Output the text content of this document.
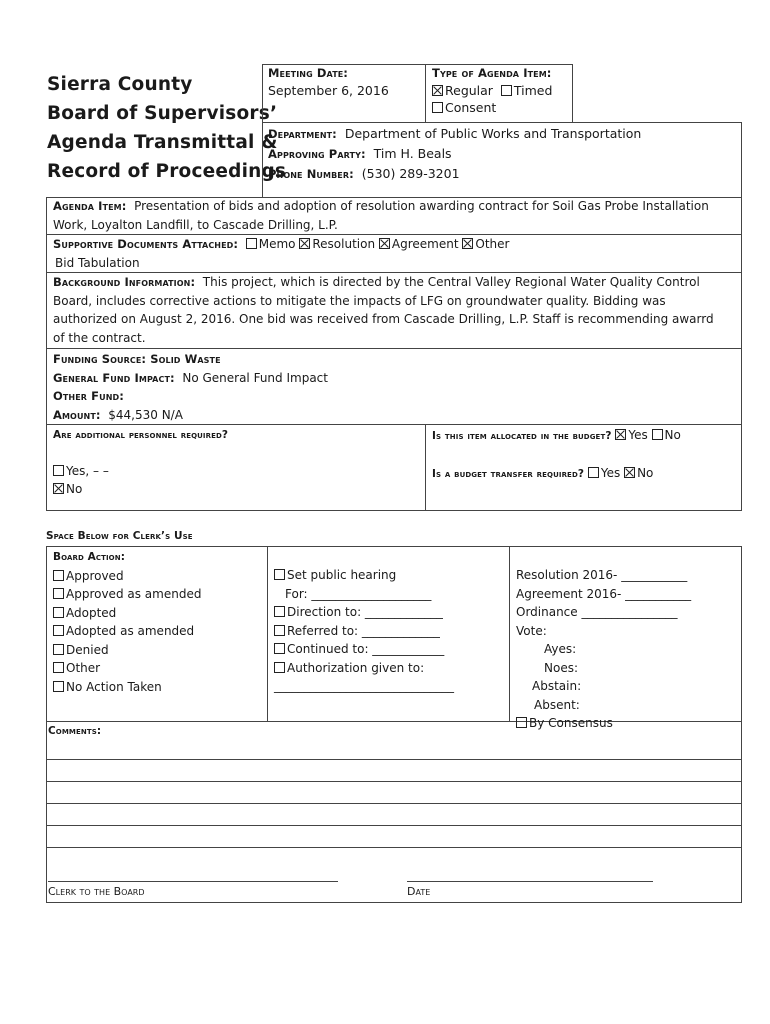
Sierra County
Board of Supervisors’
Agenda Transmittal &
Record of Proceedings
Meeting Date:
September 6, 2016
Type of Agenda Item:
Regular Timed
Consent
Department: Department of Public Works and Transportation
Approving Party: Tim H. Beals
Phone Number: (530) 289-3201
Agenda Item: Presentation of bids and adoption of resolution awarding contract for Soil Gas Probe Installation
Work, Loyalton Landfill, to Cascade Drilling, L.P.
Supportive Documents Attached: Memo Resolution Agreement Other
Bid Tabulation
Background Information: This project, which is directed by the Central Valley Regional Water Quality Control
Board, includes corrective actions to mitigate the impacts of LFG on groundwater quality. Bidding was
authorized on August 2, 2016. One bid was received from Cascade Drilling, L.P. Staff is recommending awarrd
of the contract.
Funding Source: Solid Waste
General Fund Impact: No General Fund Impact
Other Fund:
Amount: $44,530 N/A
Are additional personnel required?
Yes, – –
No
Is this item allocated in the budget? Yes No
Is a budget transfer required? Yes No
Space Below for Clerk’s Use
Board Action:
Approved
Approved as amended
Adopted
Adopted as amended
Denied
Other
No Action Taken
Set public hearing
For: ____________________
Direction to: _____________
Referred to: _____________
Continued to: ____________
Authorization given to:
______________________________
Resolution 2016- ___________
Agreement 2016- ___________
Ordinance ________________
Vote:
Ayes:
Noes:
Abstain:
Absent:
By Consensus
Comments:
Clerk to the Board	Date
